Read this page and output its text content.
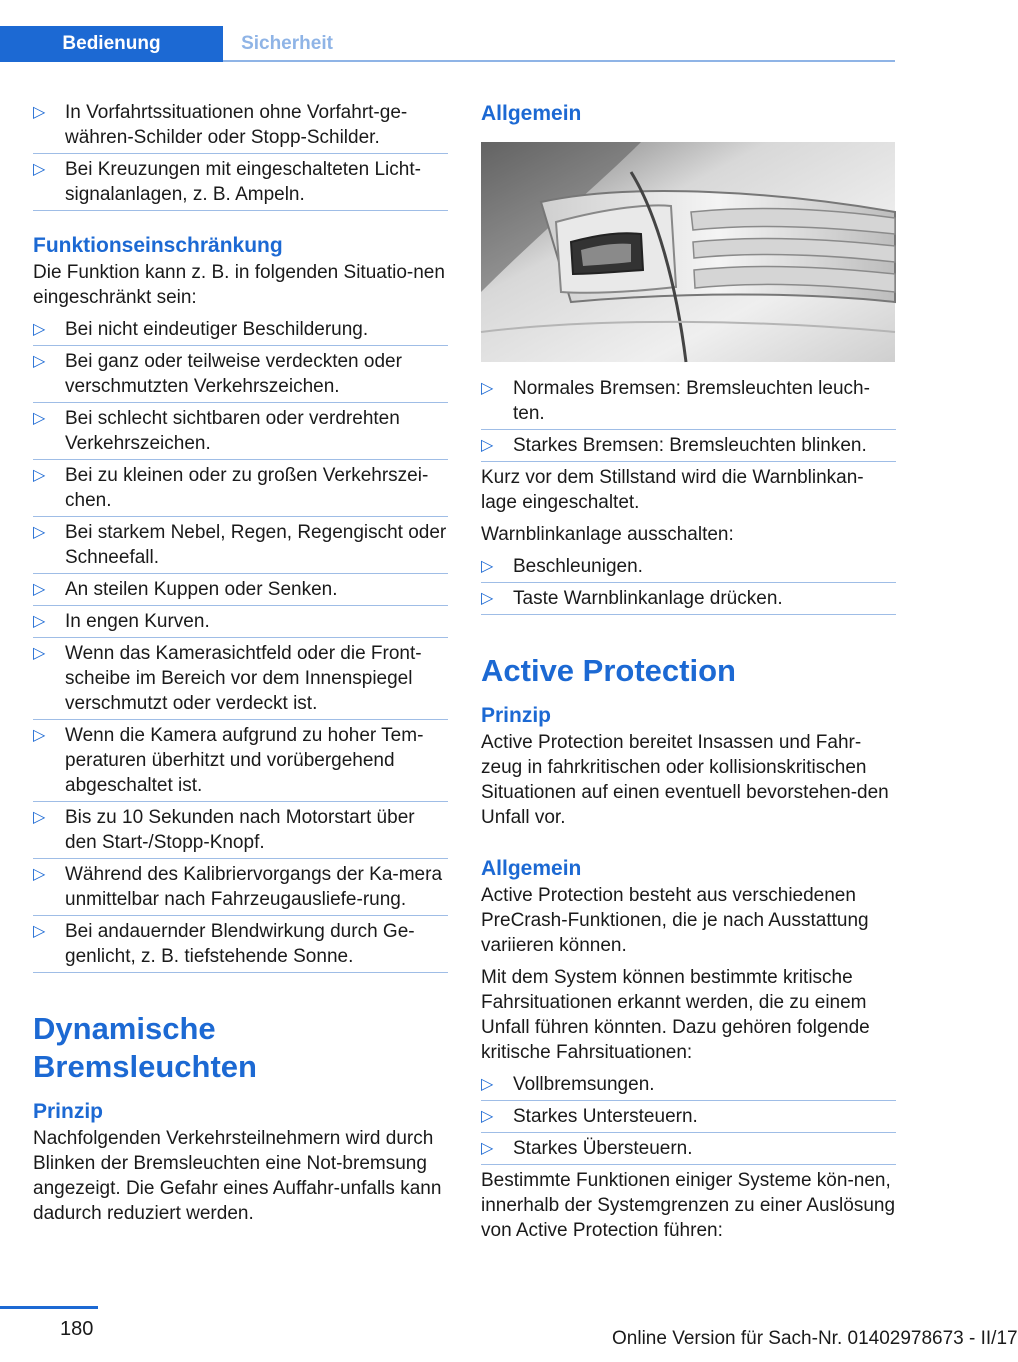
Bedienung	Sicherheit
▷ In Vorfahrtssituationen ohne Vorfahrt‐ge‐währen-Schilder oder Stopp-Schilder.
▷ Bei Kreuzungen mit eingeschalteten Licht‐signalanlagen, z. B. Ampeln.
Funktionseinschränkung

Die Funktion kann z. B. in folgenden Situatio‐nen eingeschränkt sein:

▷ Bei nicht eindeutiger Beschilderung.
▷ Bei ganz oder teilweise verdeckten oder verschmutzten Verkehrszeichen.
▷ Bei schlecht sichtbaren oder verdrehten Verkehrszeichen.
▷ Bei zu kleinen oder zu großen Verkehrszei‐chen.
▷ Bei starkem Nebel, Regen, Regengischt oder Schneefall.
▷ An steilen Kuppen oder Senken.
▷ In engen Kurven.
▷ Wenn das Kamerasichtfeld oder die Front‐scheibe im Bereich vor dem Innenspiegel verschmutzt oder verdeckt ist.
▷ Wenn die Kamera aufgrund zu hoher Tem‐peraturen überhitzt und vorübergehend abgeschaltet ist.
▷ Bis zu 10 Sekunden nach Motorstart über den Start-/Stopp-Knopf.
▷ Während des Kalibriervorgangs der Ka‐mera unmittelbar nach Fahrzeugausliefe‐rung.
▷ Bei andauernder Blendwirkung durch Ge‐genlicht, z. B. tiefstehende Sonne.
Dynamische Bremsleuchten
Prinzip

Nachfolgenden Verkehrsteilnehmern wird durch Blinken der Bremsleuchten eine Not‐bremsung angezeigt. Die Gefahr eines Auffahr‐unfalls kann dadurch reduziert werden.

Allgemein
▷ Normales Bremsen: Bremsleuchten leuch‐ten.
▷ Starkes Bremsen: Bremsleuchten blinken.

Kurz vor dem Stillstand wird die Warnblinkan‐lage eingeschaltet.

Warnblinkanlage ausschalten:

▷ Beschleunigen.
▷ Taste Warnblinkanlage drücken.
Active Protection
Prinzip

Active Protection bereitet Insassen und Fahr‐zeug in fahrkritischen oder kollisionskritischen Situationen auf einen eventuell bevorstehen‐den Unfall vor.

Allgemein

Active Protection besteht aus verschiedenen PreCrash-Funktionen, die je nach Ausstattung variieren können.

Mit dem System können bestimmte kritische Fahrsituationen erkannt werden, die zu einem Unfall führen könnten. Dazu gehören folgende kritische Fahrsituationen:

▷ Vollbremsungen.
▷ Starkes Untersteuern.
▷ Starkes Übersteuern.

Bestimmte Funktionen einiger Systeme kön‐nen, innerhalb der Systemgrenzen zu einer Auslösung von Active Protection führen:

180	Online Version für Sach-Nr. 01402978673 - II/17
